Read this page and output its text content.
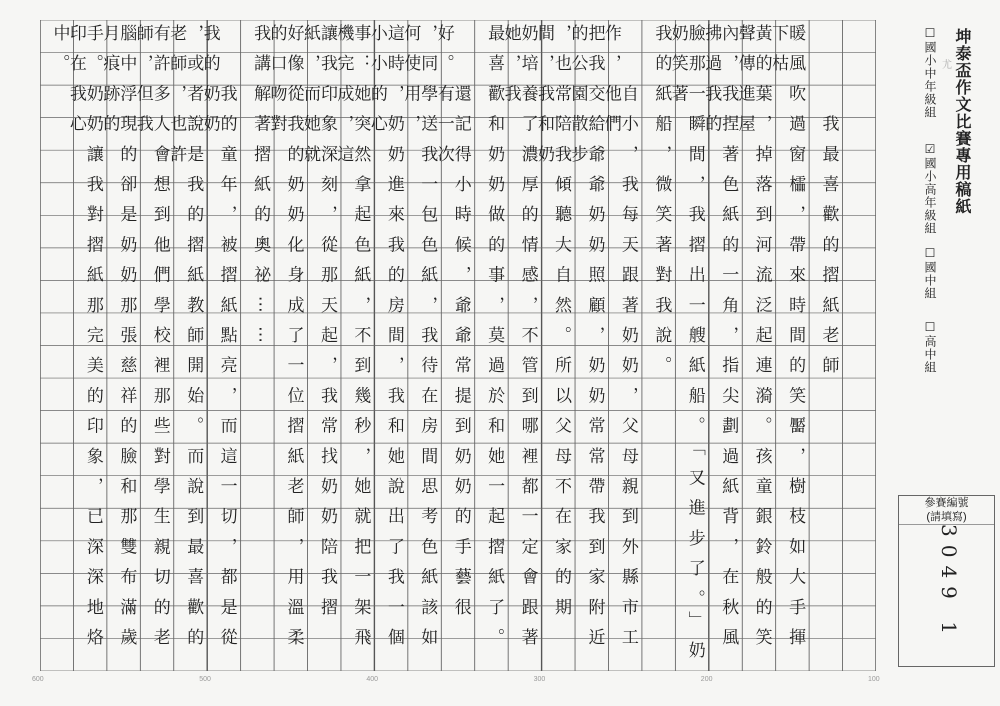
　　　我最喜歡的摺紙老師
暖風吹過窗櫺，帶來時間的笑靨，樹枝如大手揮下枯
黃的葉，掉落到河流泛起連漪。孩童銀鈴般的笑聲傳進屋
內，我捏著色紙的一角，指尖劃過紙背，在秋風拂過我的
臉那一瞬間，我摺出一艘紙船。「又進步了。」奶奶笑著
我的紙船，微笑著對我說。
　　自小，我每天跟著奶奶，父母親到外縣市工作，他們
把我交給爺爺奶奶照顧，奶奶常常帶我到家附近的公園散步
，也常陪我傾聽大自然。所以父母不在家的期間，我和奶
奶培養了濃厚的情感，不管到哪裡都一定會跟著她，我
最喜歡和奶奶做的事，莫過於和她一起摺紙了。
　　還記得小時候，爺爺常提到奶奶的手藝很好。有一次
，同學送我一包色紙，我待在房間思考色紙該如何使用，
這時，奶奶進來我的房間，我和她說出了我一個小小的心
事：她突然拿起色紙，不到幾秒，她就把一架飛機完成，這
讓我印象深刻，從那天起，我常找奶奶陪我摺紙，而她就
好像從我的奶奶化身成了一位摺紙老師，用溫柔的口吻對
我講解著摺紙的奧祕⋯⋯
　　我的童年，被摺紙點亮，而這一切，都是從我的奶奶
，或者說是我的摺紙教師開始。而說到最喜歡的老師，也許
有許多人會想到他們學校裡那些對學生親切的老師，但我
腦中浮現的卻是奶奶那張慈祥的臉和那雙布滿歲月痕跡的
手。奶奶讓我對摺紙那完美的印象，已深深地烙印在我心
中。	坤泰盃作文比賽專用稿紙
☐國小中年級組
☑國小高年級組
☐國中組
☐高中組
尤
參賽編號
(請填寫)
3049 1
100
200
300
400
500
600
